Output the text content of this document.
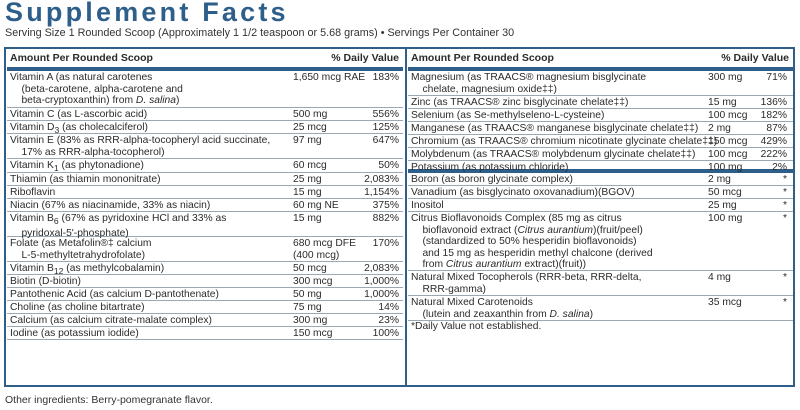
Supplement Facts
Serving Size 1 Rounded Scoop (Approximately 1 1/2 teaspoon or 5.68 grams) • Servings Per Container 30
Amount Per Rounded Scoop	% Daily Value
Vitamin A (as natural carotenes
(beta-carotene, alpha-carotene and
beta-cryptoxanthin) from D. salina)
1,650 mcg RAE 183%
Vitamin C (as L-ascorbic acid)	500 mg	556%
Vitamin $D_3$ (as cholecalciferol)	25 mcg	125%
Vitamin E (83% as RRR-alpha-tocopheryl acid succinate,
17% as RRR-alpha-tocopherol)
97 mg	647%
Vitamin $K_1$ (as phytonadione)	60 mcg	50%
Thiamin (as thiamin mononitrate)	25 mg	2,083%
Riboflavin	15 mg	1,154%
Niacin (67% as niacinamide, 33% as niacin)	60 mg NE	375%
Vitamin $B_6$ (67% as pyridoxine HCl and 33% as
pyridoxal-5'-phosphate)
15 mg	882%
Folate (as Metafolin®‡ calcium
L-5-methyltetrahydrofolate)
680 mcg DFE
(400 mcg)
170%
Vitamin $B_{12}$ (as methylcobalamin)	50 mcg	2,083%
Biotin (D-biotin)	300 mcg	1,000%
Pantothenic Acid (as calcium D-pantothenate)	50 mg	1,000%
Choline (as choline bitartrate)	75 mg	14%
Calcium (as calcium citrate-malate complex)	300 mg	23%
Iodine (as potassium iodide)	150 mcg	100%
Amount Per Rounded Scoop	% Daily Value
Magnesium (as TRAACS® magnesium bisglycinate
chelate, magnesium oxide‡‡)
300 mg 71%
Zinc (as TRAACS® zinc bisglycinate chelate‡‡)	15 mg 136%
Selenium (as Se-methylseleno-L-cysteine)	100 mcg 182%
Manganese (as TRAACS® manganese bisglycinate chelate‡‡) 2 mg	87%
Chromium (as TRAACS® chromium nicotinate glycinate chelate‡‡)
150 mcg 429%
Molybdenum (as TRAACS® molybdenum glycinate chelate‡‡) 100 mcg 222%
Potassium (as potassium chloride)	100 mg	2%
Boron (as boron glycinate complex)	2 mg	*
Vanadium (as bisglycinato oxovanadium)(BGOV)	50 mcg	*
Inositol	25 mg	*
Citrus Bioflavonoids Complex (85 mg as citrus
bioflavonoid extract (Citrus aurantium)(fruit/peel)
(standardized to 50% hesperidin bioflavonoids)
and 15 mg as hesperidin methyl chalcone (derived
from Citrus aurantium extract)(fruit))
100 mg	*
Natural Mixed Tocopherols (RRR-beta, RRR-delta,
RRR-gamma)
4 mg	*
Natural Mixed Carotenoids
(lutein and zeaxanthin from D. salina)
35 mcg	*
*Daily Value not established.
Other ingredients: Berry-pomegranate flavor.
